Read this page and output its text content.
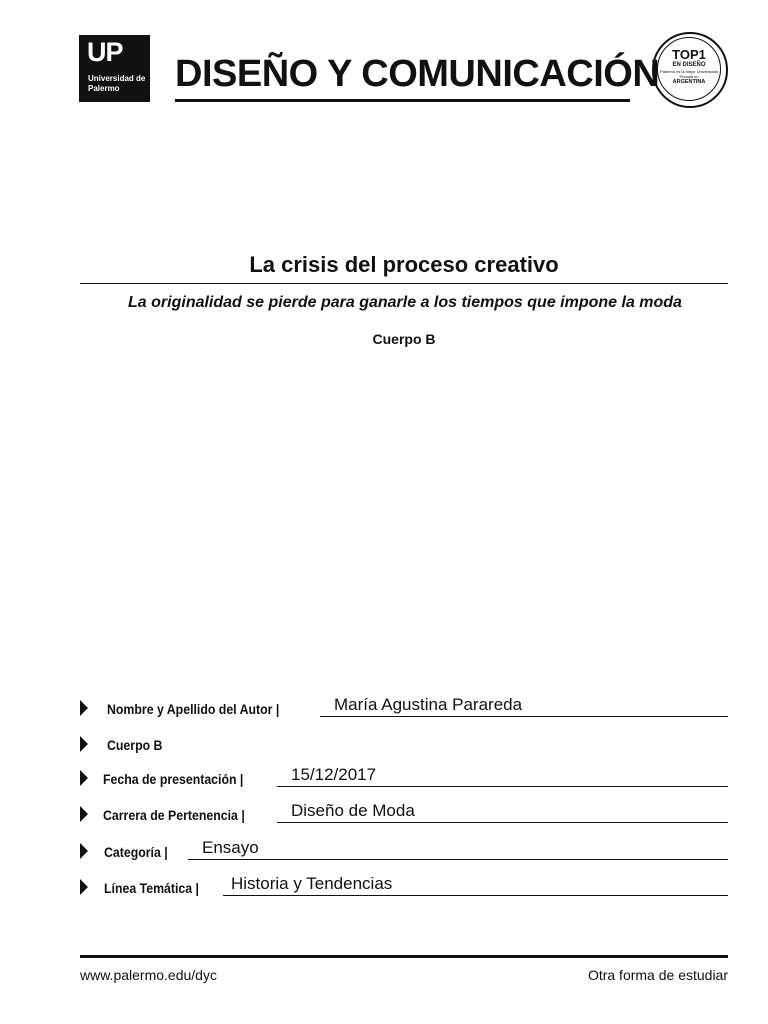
UP
Universidad de Palermo	DISEÑO Y COMUNICACIÓN TOP1
EN DISEÑO
Palermo es la mejor Universidad Privada en
ARGENTINA
La crisis del proceso creativo
La originalidad se pierde para ganarle a los tiempos que impone la moda
Cuerpo B
Nombre y Apellido del Autor |	María Agustina Parareda
Cuerpo B
Fecha de presentación |	15/12/2017
Carrera de Pertenencia |	Diseño de Moda
Categoría | Ensayo
Línea Temática | Historia y Tendencias
www.palermo.edu/dyc	Otra forma de estudiar
